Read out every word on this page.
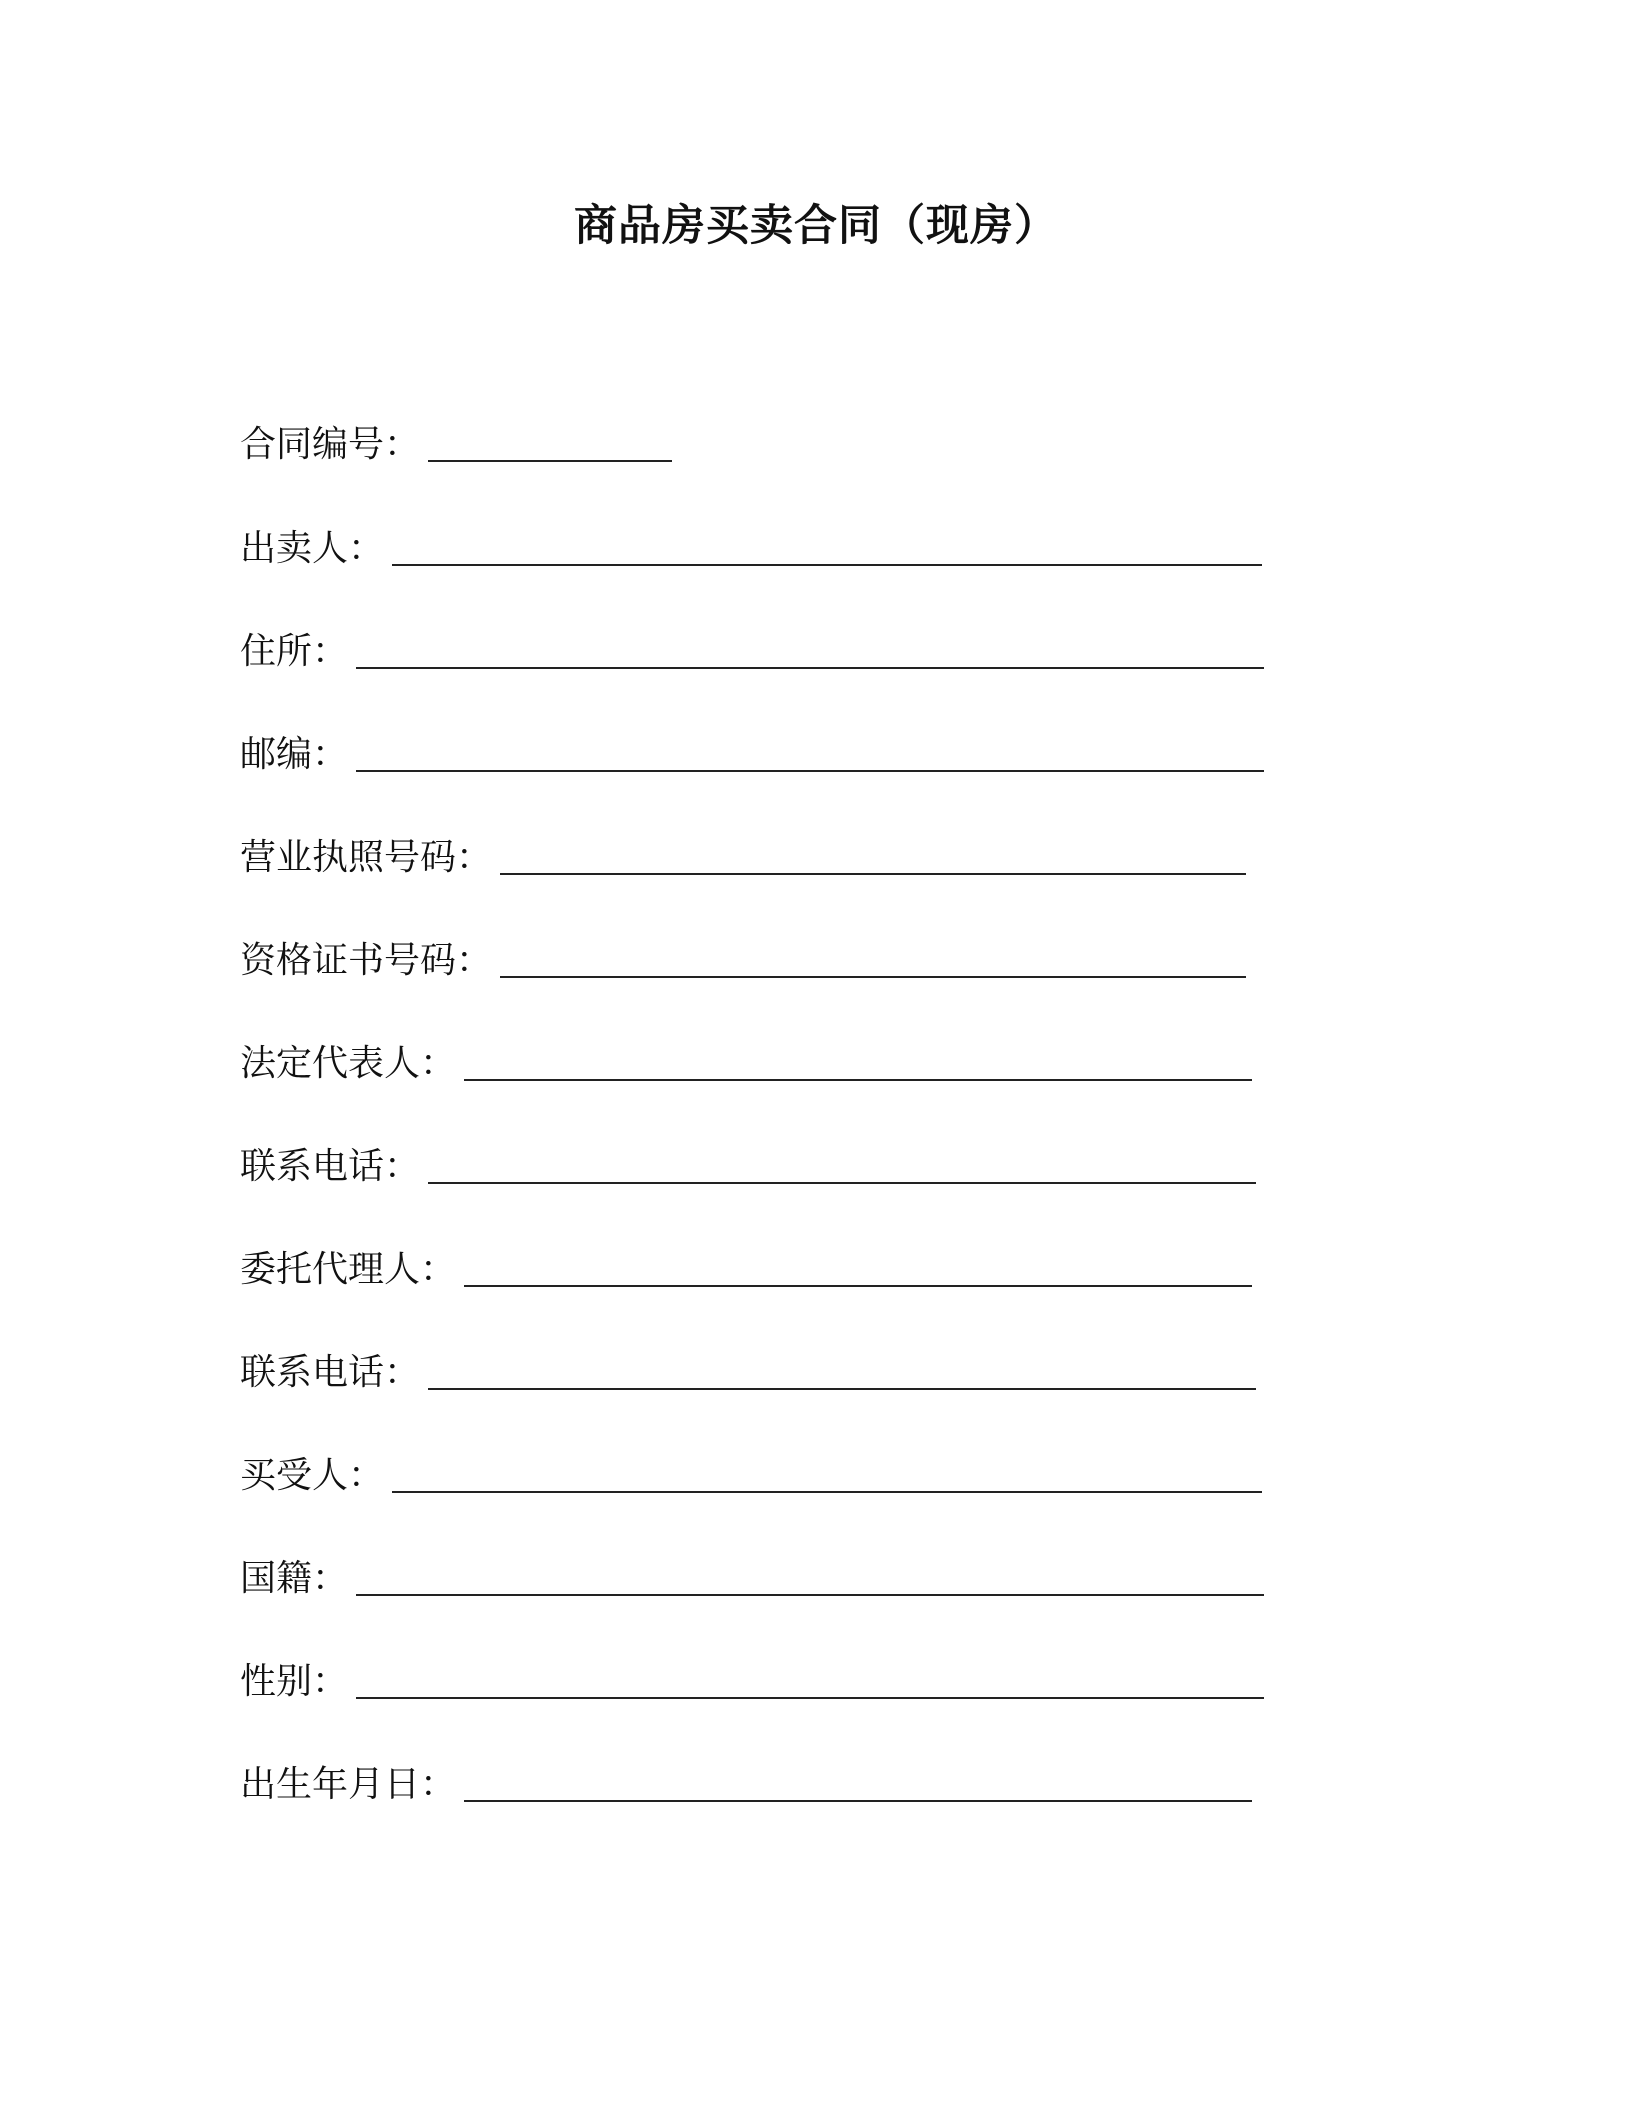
商品房买卖合同（现房）
合同编号：
出卖人：
住所：
邮编：
营业执照号码：
资格证书号码：
法定代表人：
联系电话：
委托代理人：
联系电话：
买受人：
国籍：
性别：
出生年月日：
